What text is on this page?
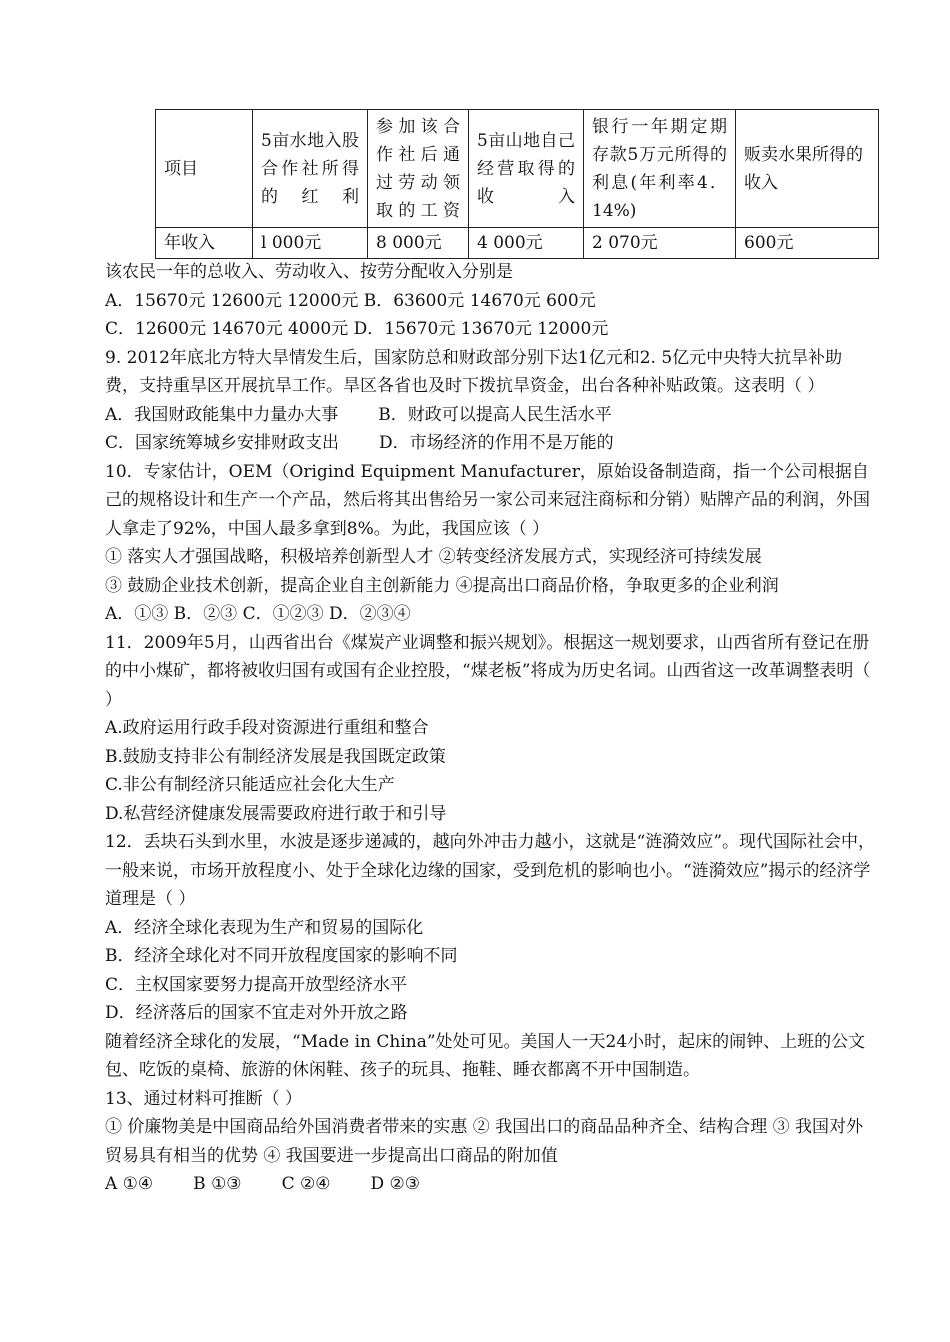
项目	5亩水地入股合作社所得的红利	参加该合作社后通过劳动领取的工资	5亩山地自己经营取得的收入	银行一年期定期存款5万元所得的利息(年利率4．14%)	贩卖水果所得的收入
年收入	l 000元	8 000元	4 000元	2 070元	600元

该农民一年的总收入、劳动收入、按劳分配收入分别是

A．15670元 12600元 12000元 B．63600元 14670元 600元

C．12600元 14670元 4000元 D．15670元 13670元 12000元

9. 2012年底北方特大旱情发生后，国家防总和财政部分别下达1亿元和2. 5亿元中央特大抗旱补助费，支持重旱区开展抗旱工作。旱区各省也及时下拨抗旱资金，出台各种补贴政策。这表明（ ）

A．我国财政能集中力量办大事 B．财政可以提高人民生活水平

C．国家统筹城乡安排财政支出 D．市场经济的作用不是万能的

10．专家估计，OEM（Origind Equipment Manufacturer，原始设备制造商，指一个公司根据自己的规格设计和生产一个产品，然后将其出售给另一家公司来冠注商标和分销）贴牌产品的利润，外国人拿走了92%，中国人最多拿到8%。为此，我国应该（ ）

① 落实人才强国战略，积极培养创新型人才 ②转变经济发展方式，实现经济可持续发展

③ 鼓励企业技术创新，提高企业自主创新能力 ④提高出口商品价格，争取更多的企业利润

A．①③ B．②③ C．①②③ D．②③④

11．2009年5月，山西省出台《煤炭产业调整和振兴规划》。根据这一规划要求，山西省所有登记在册的中小煤矿，都将被收归国有或国有企业控股，“煤老板”将成为历史名词。山西省这一改革调整表明（ ）

A.政府运用行政手段对资源进行重组和整合

B.鼓励支持非公有制经济发展是我国既定政策

C.非公有制经济只能适应社会化大生产

D.私营经济健康发展需要政府进行敢于和引导

12．丢块石头到水里，水波是逐步递减的，越向外冲击力越小，这就是“涟漪效应”。现代国际社会中，一般来说，市场开放程度小、处于全球化边缘的国家，受到危机的影响也小。“涟漪效应”揭示的经济学道理是（ ）

A．经济全球化表现为生产和贸易的国际化

B．经济全球化对不同开放程度国家的影响不同

C．主权国家要努力提高开放型经济水平

D．经济落后的国家不宜走对外开放之路

随着经济全球化的发展，“Made in China”处处可见。美国人一天24小时，起床的闹钟、上班的公文包、吃饭的桌椅、旅游的休闲鞋、孩子的玩具、拖鞋、睡衣都离不开中国制造。

13、通过材料可推断（ ）

① 价廉物美是中国商品给外国消费者带来的实惠 ② 我国出口的商品品种齐全、结构合理 ③ 我国对外贸易具有相当的优势 ④ 我国要进一步提高出口商品的附加值

A ①④ B ①③ C ②④ D ②③
